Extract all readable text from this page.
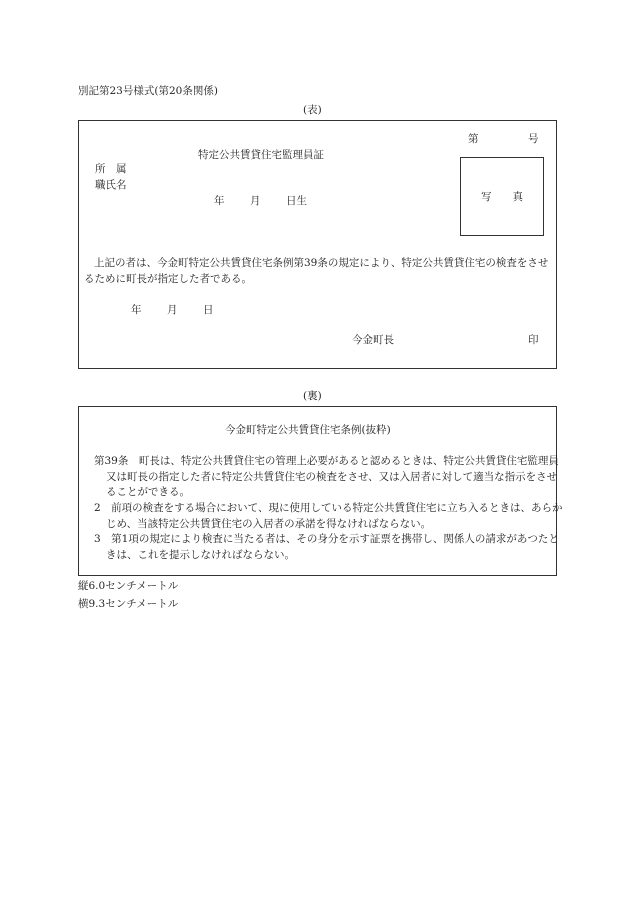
別記第23号様式(第20条関係)
(表)
第	号
特定公共賃貸住宅監理員証
所　属
職氏名
年 月 日生	写　　真
上記の者は、今金町特定公共賃貸住宅条例第39条の規定により、特定公共賃貸住宅の検査をさせるために町長が指定した者である。
年 月 日
今金町長	印
(裏)
今金町特定公共賃貸住宅条例(抜粋)
第39条　町長は、特定公共賃貸住宅の管理上必要があると認めるときは、特定公共賃貸住宅監理員又は町長の指定した者に特定公共賃貸住宅の検査をさせ、又は入居者に対して適当な指示をさせることができる。
2　前項の検査をする場合において、現に使用している特定公共賃貸住宅に立ち入るときは、あらかじめ、当該特定公共賃貸住宅の入居者の承諾を得なければならない。
3　第1項の規定により検査に当たる者は、その身分を示す証票を携帯し、関係人の請求があつたときは、これを提示しなければならない。
縦6.0センチメートル
横9.3センチメートル
